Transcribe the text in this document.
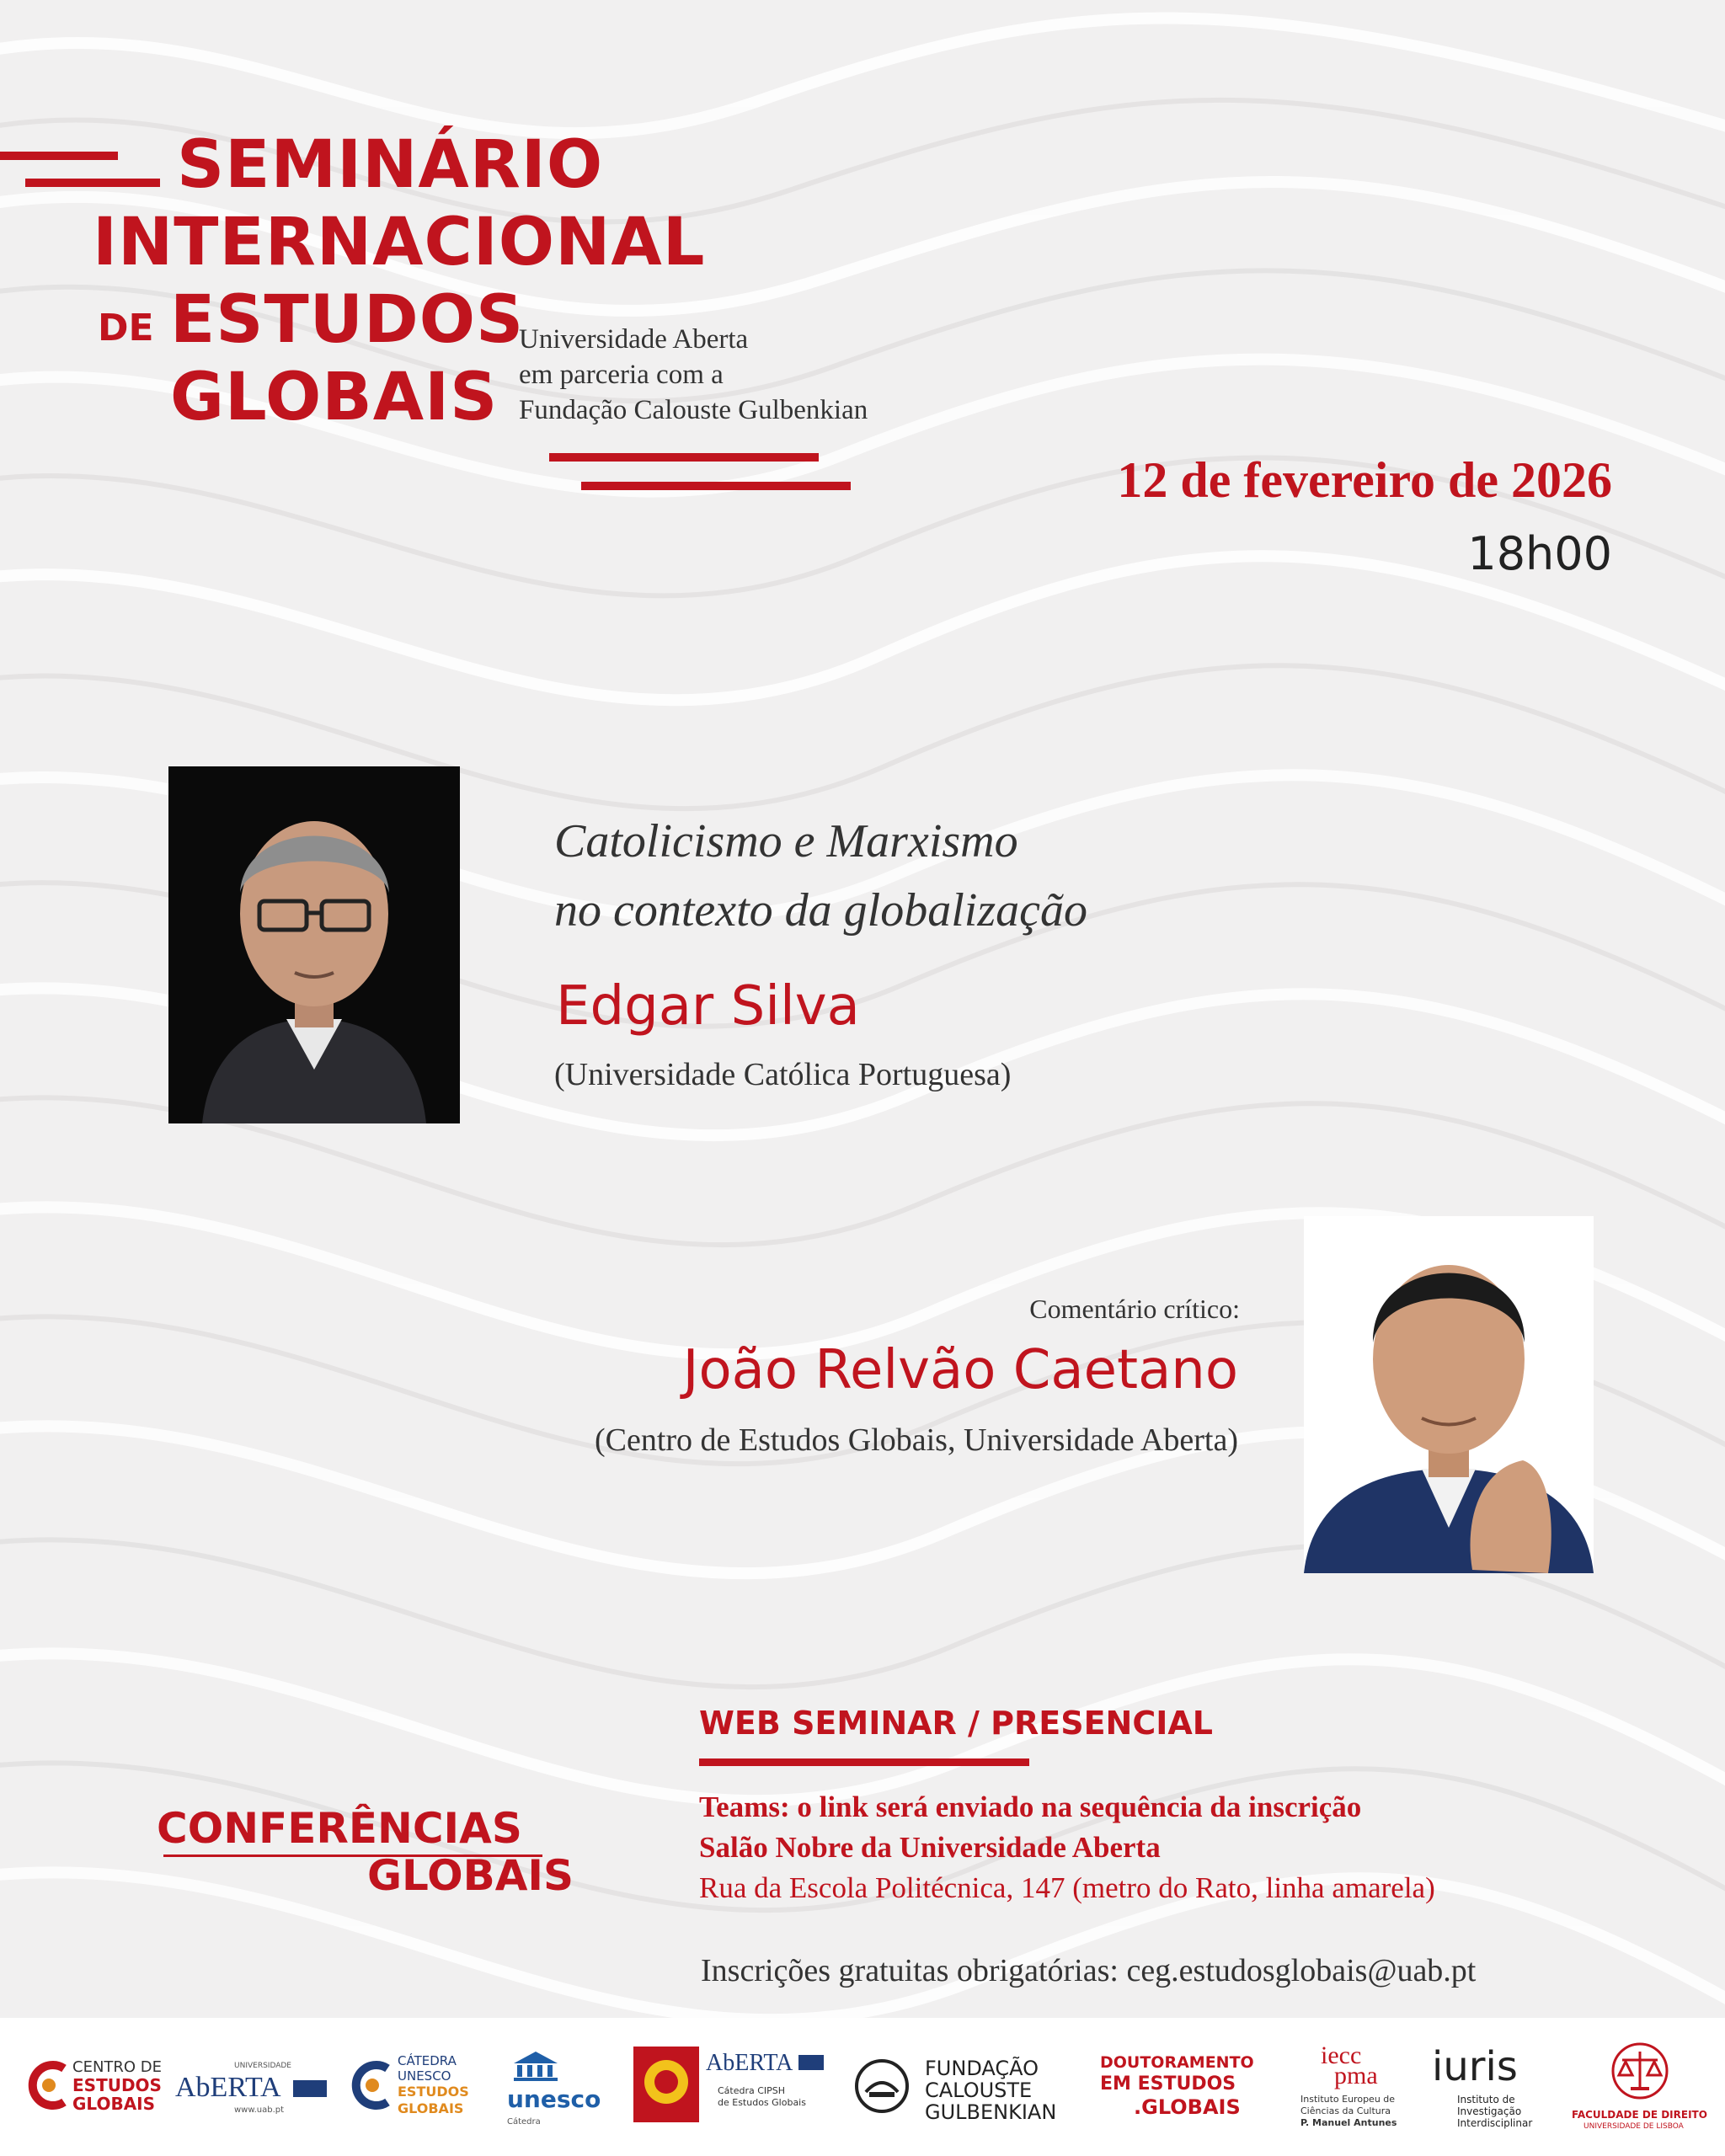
SEMINÁRIO
INTERNACIONAL
DE ESTUDOS
GLOBAIS
Universidade Aberta
em parceria com a
Fundação Calouste Gulbenkian
12 de fevereiro de 2026
18h00
Catolicismo e Marxismo
no contexto da globalização
Edgar Silva
(Universidade Católica Portuguesa)
Comentário crítico:
João Relvão Caetano
(Centro de Estudos Globais, Universidade Aberta)
CONFERÊNCIAS
GLOBAIS
WEB SEMINAR / PRESENCIAL
Teams: o link será enviado na sequência da inscrição
Salão Nobre da Universidade Aberta
Rua da Escola Politécnica, 147 (metro do Rato, linha amarela)
Inscrições gratuitas obrigatórias: ceg.estudosglobais@uab.pt
CENTRO DE
ESTUDOS
GLOBAIS
UNIVERSIDADE
AbERTA
www.uab.pt
CÁTEDRA
UNESCO
ESTUDOS
GLOBAIS unesco
Cátedra
AbERTA
Cátedra CIPSH
de Estudos Globais
FUNDAÇÃO
CALOUSTE
GULBENKIAN
DOUTORAMENTO
EM ESTUDOS
.GLOBAIS
iecc
pma
Instituto Europeu de
Ciências da Cultura
P. Manuel Antunes
iuris
Instituto de
Investigação
Interdisciplinar
FACULDADE DE DIREITO
UNIVERSIDADE DE LISBOA
